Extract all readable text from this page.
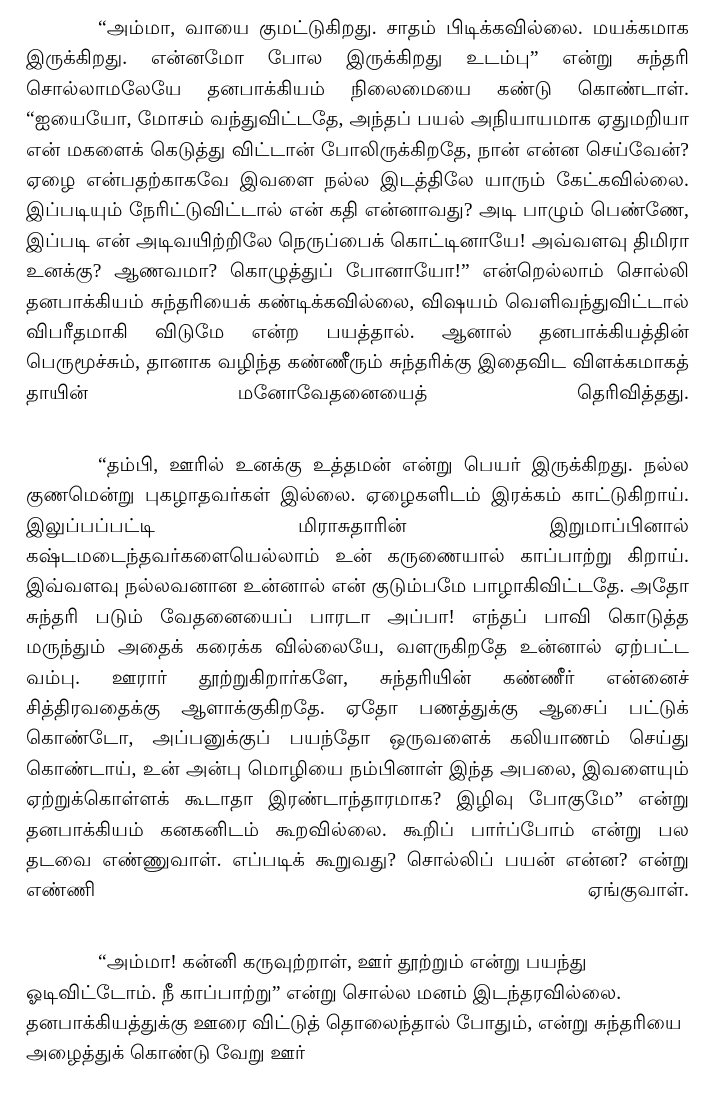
“அம்மா, வாயை குமட்டுகிறது. சாதம் பிடிக்கவில்லை. மயக்கமாக இருக்கிறது. என்னமோ போல இருக்கிறது உடம்பு” என்று சுந்தரி சொல்லாமலேயே தனபாக்கியம் நிலைமையை கண்டு கொண்டாள். “ஐயையோ, மோசம் வந்துவிட்டதே, அந்தப் பயல் அநியாயமாக ஏதுமறியா என் மகளைக் கெடுத்து விட்டான் போலிருக்கிறதே, நான் என்ன செய்வேன்? ஏழை என்பதற்காகவே இவளை நல்ல இடத்திலே யாரும் கேட்கவில்லை. இப்படியும் நேரிட்டுவிட்டால் என் கதி என்னாவது? அடி பாழும் பெண்ணே, இப்படி என் அடிவயிற்றிலே நெருப்பைக் கொட்டினாயே! அவ்வளவு திமிரா உனக்கு? ஆணவமா? கொழுத்துப் போனாயோ!” என்றெல்லாம் சொல்லி தனபாக்கியம் சுந்தரியைக் கண்டிக்கவில்லை, விஷயம் வெளிவந்துவிட்டால் விபரீதமாகி விடுமே என்ற பயத்தால். ஆனால் தனபாக்கியத்தின் பெருமூச்சும், தானாக வழிந்த கண்ணீரும் சுந்தரிக்கு இதைவிட விளக்கமாகத் தாயின் மனோவேதனையைத் தெரிவித்தது.

“தம்பி, ஊரில் உனக்கு உத்தமன் என்று பெயர் இருக்கிறது. நல்ல குணமென்று புகழாதவர்கள் இல்லை. ஏழைகளிடம் இரக்கம் காட்டுகிறாய். இலுப்பப்பட்டி மிராசுதாரின் இறுமாப்பினால் கஷ்டமடைந்தவர்களையெல்லாம் உன் கருணையால் காப்பாற்று கிறாய். இவ்வளவு நல்லவனான உன்னால் என் குடும்பமே பாழாகிவிட்டதே. அதோ சுந்தரி படும் வேதனையைப் பாரடா அப்பா! எந்தப் பாவி கொடுத்த மருந்தும் அதைக் கரைக்க வில்லையே, வளருகிறதே உன்னால் ஏற்பட்ட வம்பு. ஊரார் தூற்றுகிறார்களே, சுந்தரியின் கண்ணீர் என்னைச் சித்திரவதைக்கு ஆளாக்குகிறதே. ஏதோ பணத்துக்கு ஆசைப் பட்டுக் கொண்டோ, அப்பனுக்குப் பயந்தோ ஒருவளைக் கலியாணம் செய்து கொண்டாய், உன் அன்பு மொழியை நம்பினாள் இந்த அபலை, இவளையும் ஏற்றுக்கொள்ளக் கூடாதா இரண்டாந்தாரமாக? இழிவு போகுமே” என்று தனபாக்கியம் கனகனிடம் கூறவில்லை. கூறிப் பார்ப்போம் என்று பல தடவை எண்ணுவாள். எப்படிக் கூறுவது? சொல்லிப் பயன் என்ன? என்று எண்ணி ஏங்குவாள்.

“அம்மா! கன்னி கருவுற்றாள், ஊர் தூற்றும் என்று பயந்து ஓடிவிட்டோம். நீ காப்பாற்று” என்று சொல்ல மனம் இடந்தரவில்லை. தனபாக்கியத்துக்கு ஊரை விட்டுத் தொலைந்தால் போதும், என்று சுந்தரியை அழைத்துக் கொண்டு வேறு ஊர்
